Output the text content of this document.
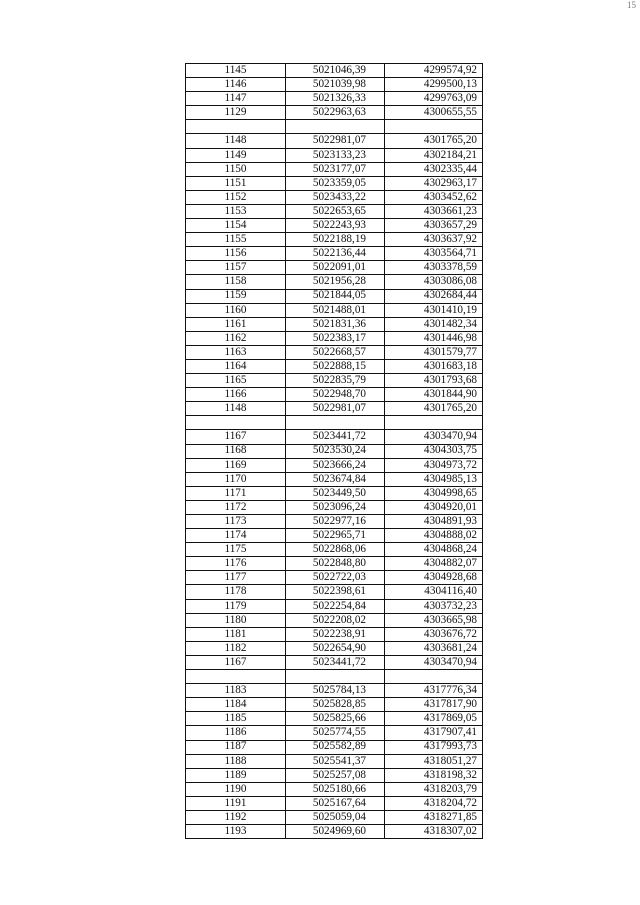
15
1145	5021046,39	4299574,92
1146	5021039,98	4299500,13
1147	5021326,33	4299763,09
1129	5022963,63	4300655,55

1148	5022981,07	4301765,20
1149	5023133,23	4302184,21
1150	5023177,07	4302335,44
1151	5023359,05	4302963,17
1152	5023433,22	4303452,62
1153	5022653,65	4303661,23
1154	5022243,93	4303657,29
1155	5022188,19	4303637,92
1156	5022136,44	4303564,71
1157	5022091,01	4303378,59
1158	5021956,28	4303086,08
1159	5021844,05	4302684,44
1160	5021488,01	4301410,19
1161	5021831,36	4301482,34
1162	5022383,17	4301446,98
1163	5022668,57	4301579,77
1164	5022888,15	4301683,18
1165	5022835,79	4301793,68
1166	5022948,70	4301844,90
1148	5022981,07	4301765,20

1167	5023441,72	4303470,94
1168	5023530,24	4304303,75
1169	5023666,24	4304973,72
1170	5023674,84	4304985,13
1171	5023449,50	4304998,65
1172	5023096,24	4304920,01
1173	5022977,16	4304891,93
1174	5022965,71	4304888,02
1175	5022868,06	4304868,24
1176	5022848,80	4304882,07
1177	5022722,03	4304928,68
1178	5022398,61	4304116,40
1179	5022254,84	4303732,23
1180	5022208,02	4303665,98
1181	5022238,91	4303676,72
1182	5022654,90	4303681,24
1167	5023441,72	4303470,94

1183	5025784,13	4317776,34
1184	5025828,85	4317817,90
1185	5025825,66	4317869,05
1186	5025774,55	4317907,41
1187	5025582,89	4317993,73
1188	5025541,37	4318051,27
1189	5025257,08	4318198,32
1190	5025180,66	4318203,79
1191	5025167,64	4318204,72
1192	5025059,04	4318271,85
1193	5024969,60	4318307,02
